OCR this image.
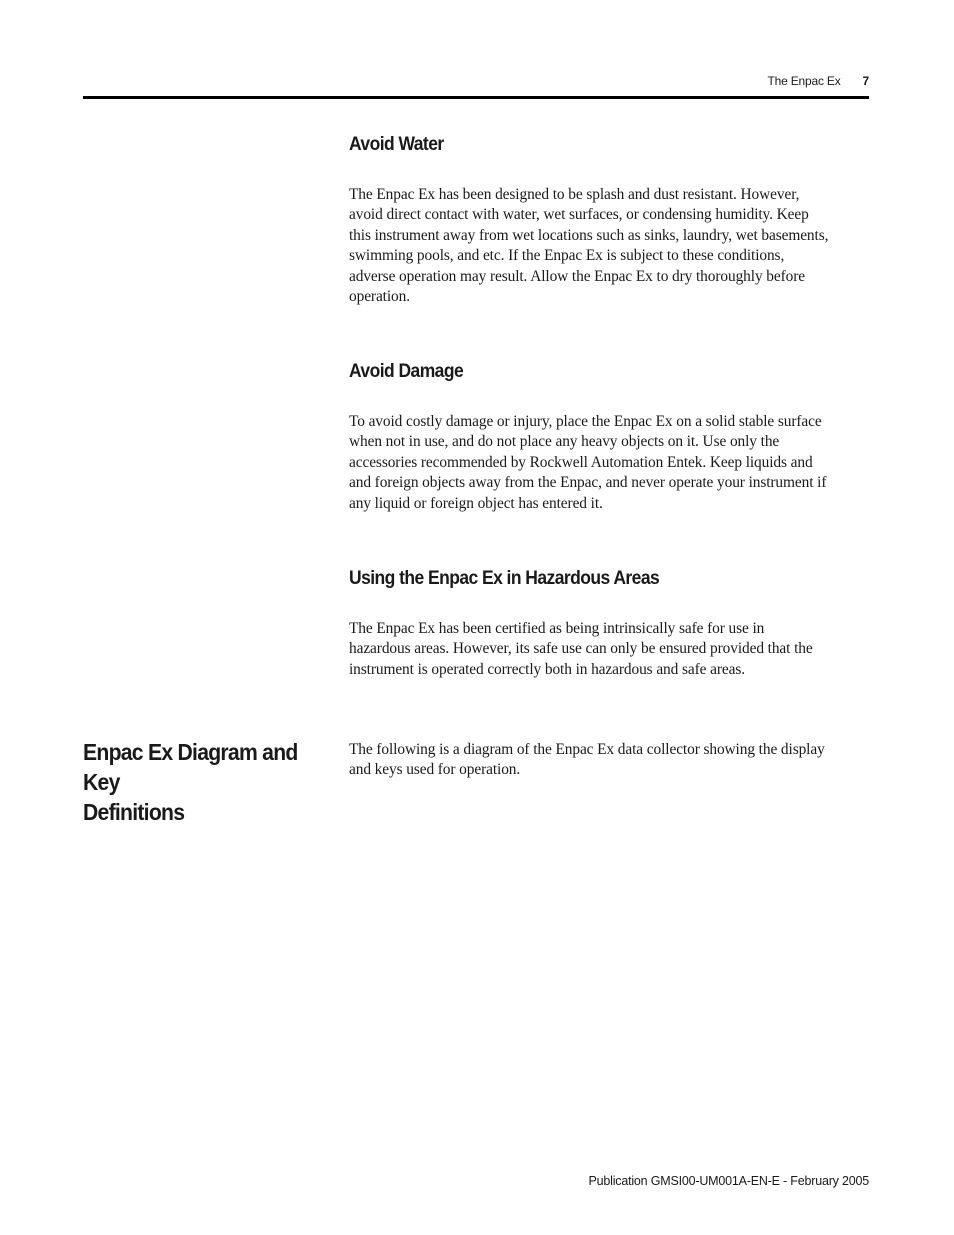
The Enpac Ex 7
Avoid Water

The Enpac Ex has been designed to be splash and dust resistant. However,
avoid direct contact with water, wet surfaces, or condensing humidity. Keep
this instrument away from wet locations such as sinks, laundry, wet basements,
swimming pools, and etc. If the Enpac Ex is subject to these conditions,
adverse operation may result. Allow the Enpac Ex to dry thoroughly before
operation.

Avoid Damage

To avoid costly damage or injury, place the Enpac Ex on a solid stable surface
when not in use, and do not place any heavy objects on it. Use only the
accessories recommended by Rockwell Automation Entek. Keep liquids and
and foreign objects away from the Enpac, and never operate your instrument if
any liquid or foreign object has entered it.

Using the Enpac Ex in Hazardous Areas

The Enpac Ex has been certified as being intrinsically safe for use in
hazardous areas. However, its safe use can only be ensured provided that the
instrument is operated correctly both in hazardous and safe areas.

Enpac Ex Diagram and Key
Definitions

The following is a diagram of the Enpac Ex data collector showing the display
and keys used for operation.

Publication GMSI00-UM001A-EN-E - February 2005
